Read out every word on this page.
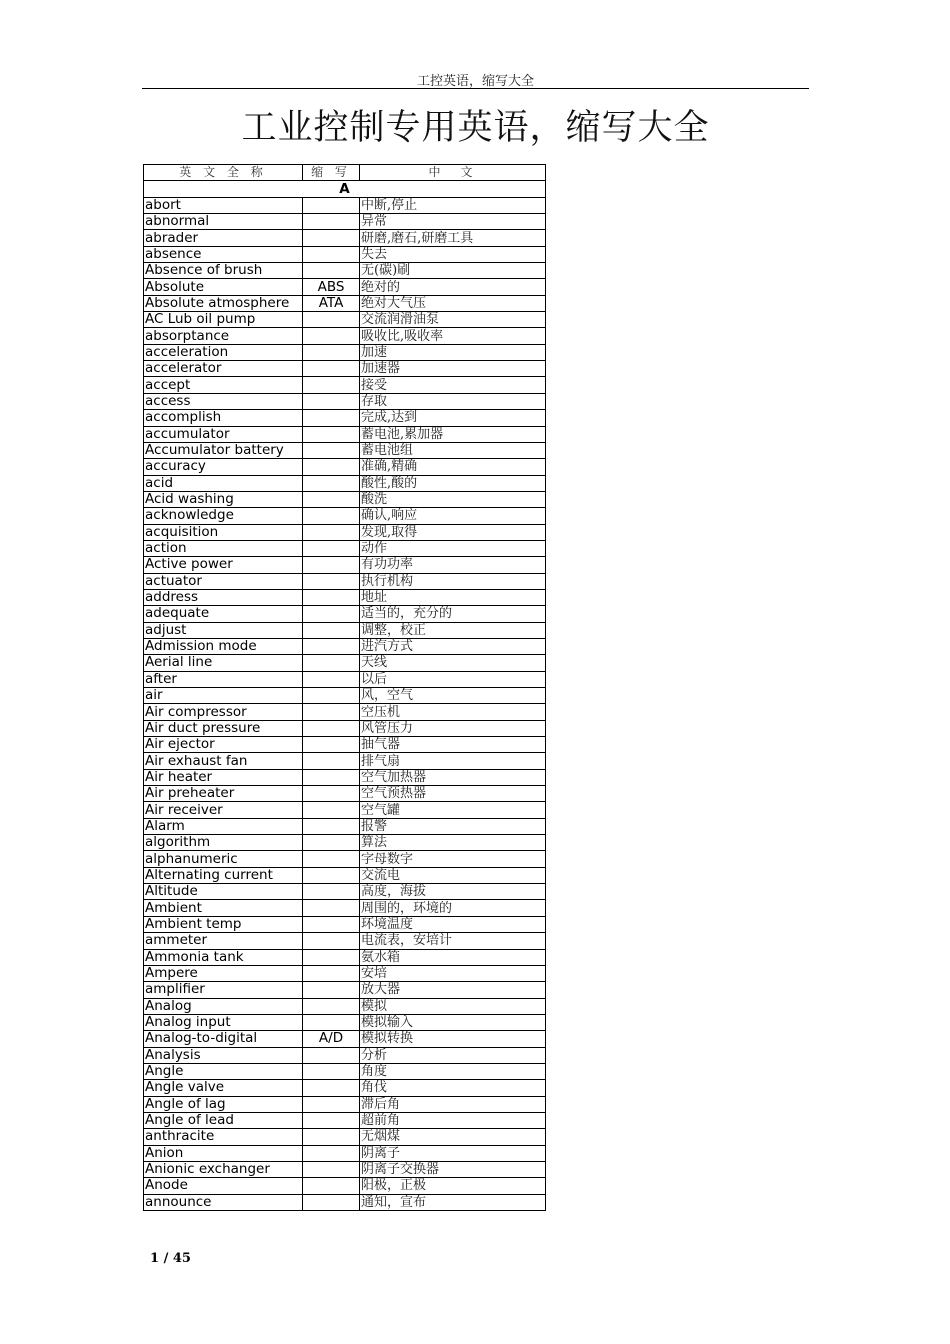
工控英语，缩写大全
工业控制专用英语，缩写大全
英 文 全 称	缩 写	中　文
A		
abort		中断,停止
abnormal		异常
abrader		研磨,磨石,研磨工具
absence		失去
Absence of brush		无(碳)刷
Absolute	ABS	绝对的
Absolute atmosphere	ATA	绝对大气压
AC Lub oil pump		交流润滑油泵
absorptance		吸收比,吸收率
acceleration		加速
accelerator		加速器
accept		接受
access		存取
accomplish		完成,达到
accumulator		蓄电池,累加器
Accumulator battery		蓄电池组
accuracy		准确,精确
acid		酸性,酸的
Acid washing		酸洗
acknowledge		确认,响应
acquisition		发现,取得
action		动作
Active power		有功功率
actuator		执行机构
address		地址
adequate		适当的，充分的
adjust		调整，校正
Admission mode		进汽方式
Aerial line		天线
after		以后
air		风，空气
Air compressor		空压机
Air duct pressure		风管压力
Air ejector		抽气器
Air exhaust fan		排气扇
Air heater		空气加热器
Air preheater		空气预热器
Air receiver		空气罐
Alarm		报警
algorithm		算法
alphanumeric		字母数字
Alternating current		交流电
Altitude		高度，海拔
Ambient		周围的，环境的
Ambient temp		环境温度
ammeter		电流表，安培计
Ammonia tank		氨水箱
Ampere		安培
amplifier		放大器
Analog		模拟
Analog input		模拟输入
Analog-to-digital	A/D	模拟转换
Analysis		分析
Angle		角度
Angle valve		角伐
Angle of lag		滞后角
Angle of lead		超前角
anthracite		无烟煤
Anion		阴离子
Anionic exchanger		阴离子交换器
Anode		阳极，正极
announce		通知，宣布
1 / 45
